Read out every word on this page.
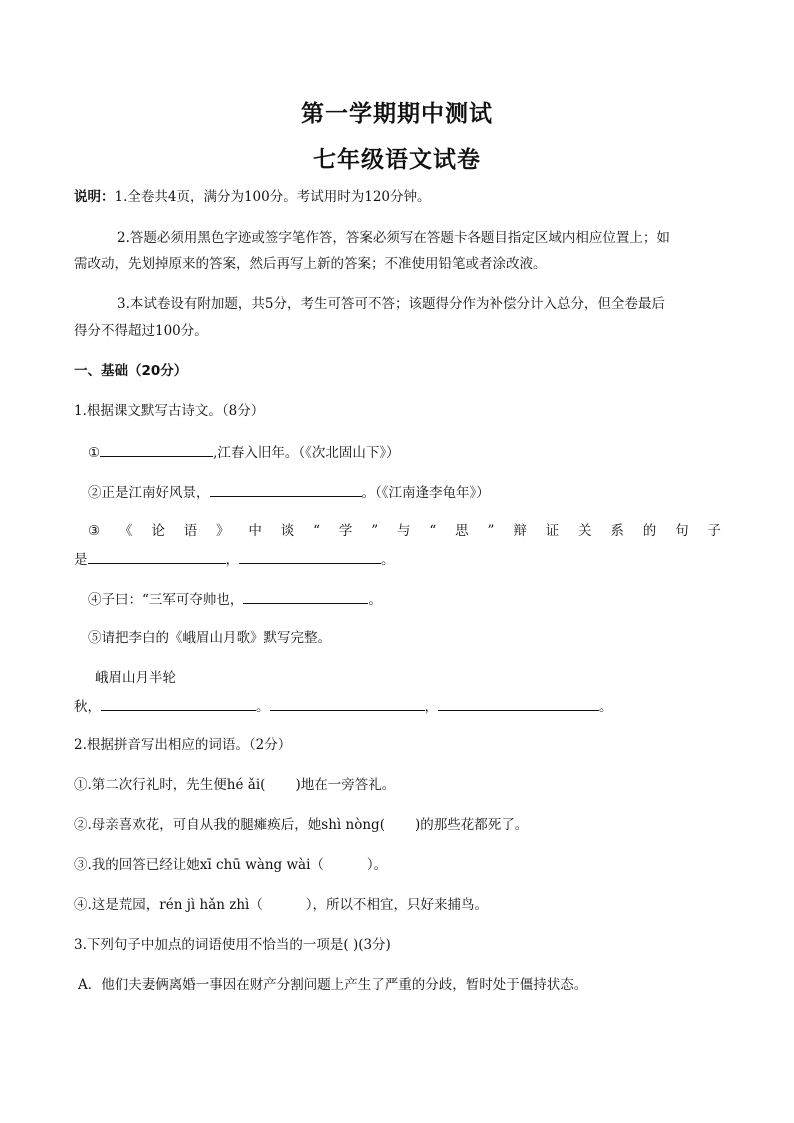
第一学期期中测试
七年级语文试卷
说明：1.全卷共4页，满分为100分。考试用时为120分钟。
2.答题必须用黑色字迹或签字笔作答，答案必须写在答题卡各题目指定区域内相应位置上；如
需改动，先划掉原来的答案，然后再写上新的答案；不准使用铅笔或者涂改液。
3.本试卷设有附加题，共5分，考生可答可不答；该题得分作为补偿分计入总分，但全卷最后
得分不得超过100分。
一、基础（20分）
1.根据课文默写古诗文。（8分）
①	,江春入旧年。（《次北固山下》）
②正是江南好风景，	。（《江南逢李龟年》）
③ 《 论 语 》 中 谈 “ 学 ” 与 “ 思 ” 辩 证 关 系 的 句 子
是	，	。
④子曰：“三军可夺帅也，	。
⑤请把李白的《峨眉山月歌》默写完整。
峨眉山月半轮
秋，	。	，	。
2.根据拼音写出相应的词语。（2分）
①.第二次行礼时，先生便hé ǎi(       )地在一旁答礼。
②.母亲喜欢花，可自从我的腿瘫痪后，她shì nòng(       )的那些花都死了。
③.我的回答已经让她xī chū wàng wài（          ）。
④.这是荒园，rén jì hǎn zhì（          ），所以不相宜，只好来捕鸟。
3.下列句子中加点的词语使用不恰当的一项是( )(3分)
A．他们夫妻俩离婚一事因在财产分割问题上产生了严重的分歧，暂时处于僵持状态。
